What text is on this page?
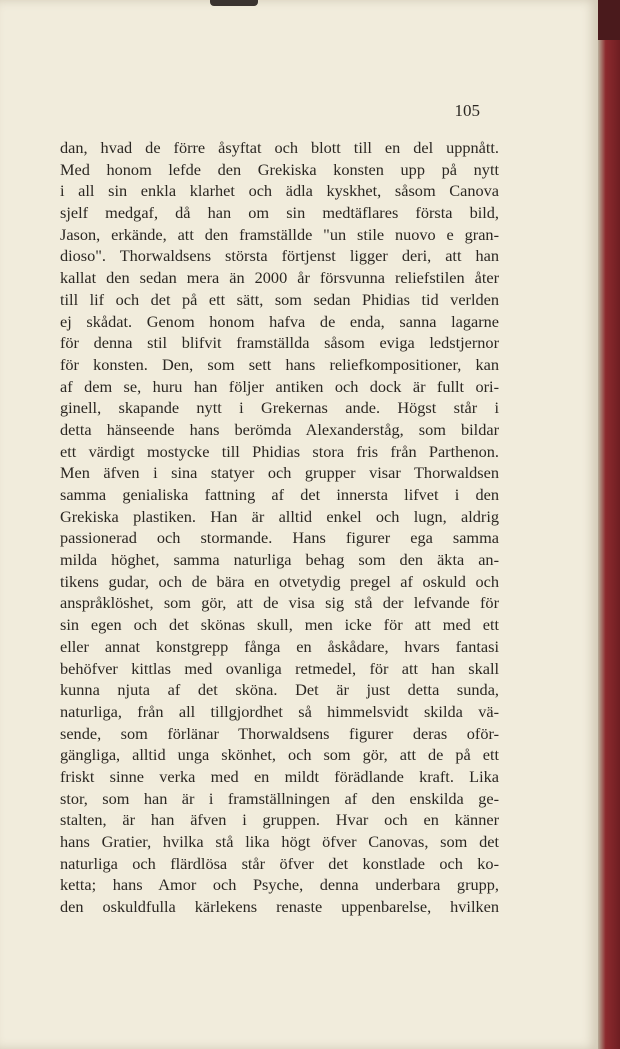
105

dan, hvad de förre åsyftat och blott till en del uppnått.
Med honom lefde den Grekiska konsten upp på nytt
i all sin enkla klarhet och ädla kyskhet, såsom Canova
sjelf medgaf, då han om sin medtäflares första bild,
Jason, erkände, att den framställde "un stile nuovo e gran-
dioso". Thorwaldsens största förtjenst ligger deri, att han
kallat den sedan mera än 2000 år försvunna reliefstilen åter
till lif och det på ett sätt, som sedan Phidias tid verlden
ej skådat. Genom honom hafva de enda, sanna lagarne
för denna stil blifvit framställda såsom eviga ledstjernor
för konsten. Den, som sett hans reliefkompositioner, kan
af dem se, huru han följer antiken och dock är fullt ori-
ginell, skapande nytt i Grekernas ande. Högst står i
detta hänseende hans berömda Alexanderståg, som bildar
ett värdigt mostycke till Phidias stora fris från Parthenon.
Men äfven i sina statyer och grupper visar Thorwaldsen
samma genialiska fattning af det innersta lifvet i den
Grekiska plastiken. Han är alltid enkel och lugn, aldrig
passionerad och stormande. Hans figurer ega samma
milda höghet, samma naturliga behag som den äkta an-
tikens gudar, och de bära en otvetydig pregel af oskuld och
anspråklöshet, som gör, att de visa sig stå der lefvande för
sin egen och det skönas skull, men icke för att med ett
eller annat konstgrepp fånga en åskådare, hvars fantasi
behöfver kittlas med ovanliga retmedel, för att han skall
kunna njuta af det sköna. Det är just detta sunda,
naturliga, från all tillgjordhet så himmelsvidt skilda vä-
sende, som förlänar Thorwaldsens figurer deras oför-
gängliga, alltid unga skönhet, och som gör, att de på ett
friskt sinne verka med en mildt förädlande kraft. Lika
stor, som han är i framställningen af den enskilda ge-
stalten, är han äfven i gruppen. Hvar och en känner
hans Gratier, hvilka stå lika högt öfver Canovas, som det
naturliga och flärdlösa står öfver det konstlade och ko-
ketta; hans Amor och Psyche, denna underbara grupp,
den oskuldfulla kärlekens renaste uppenbarelse, hvilken
